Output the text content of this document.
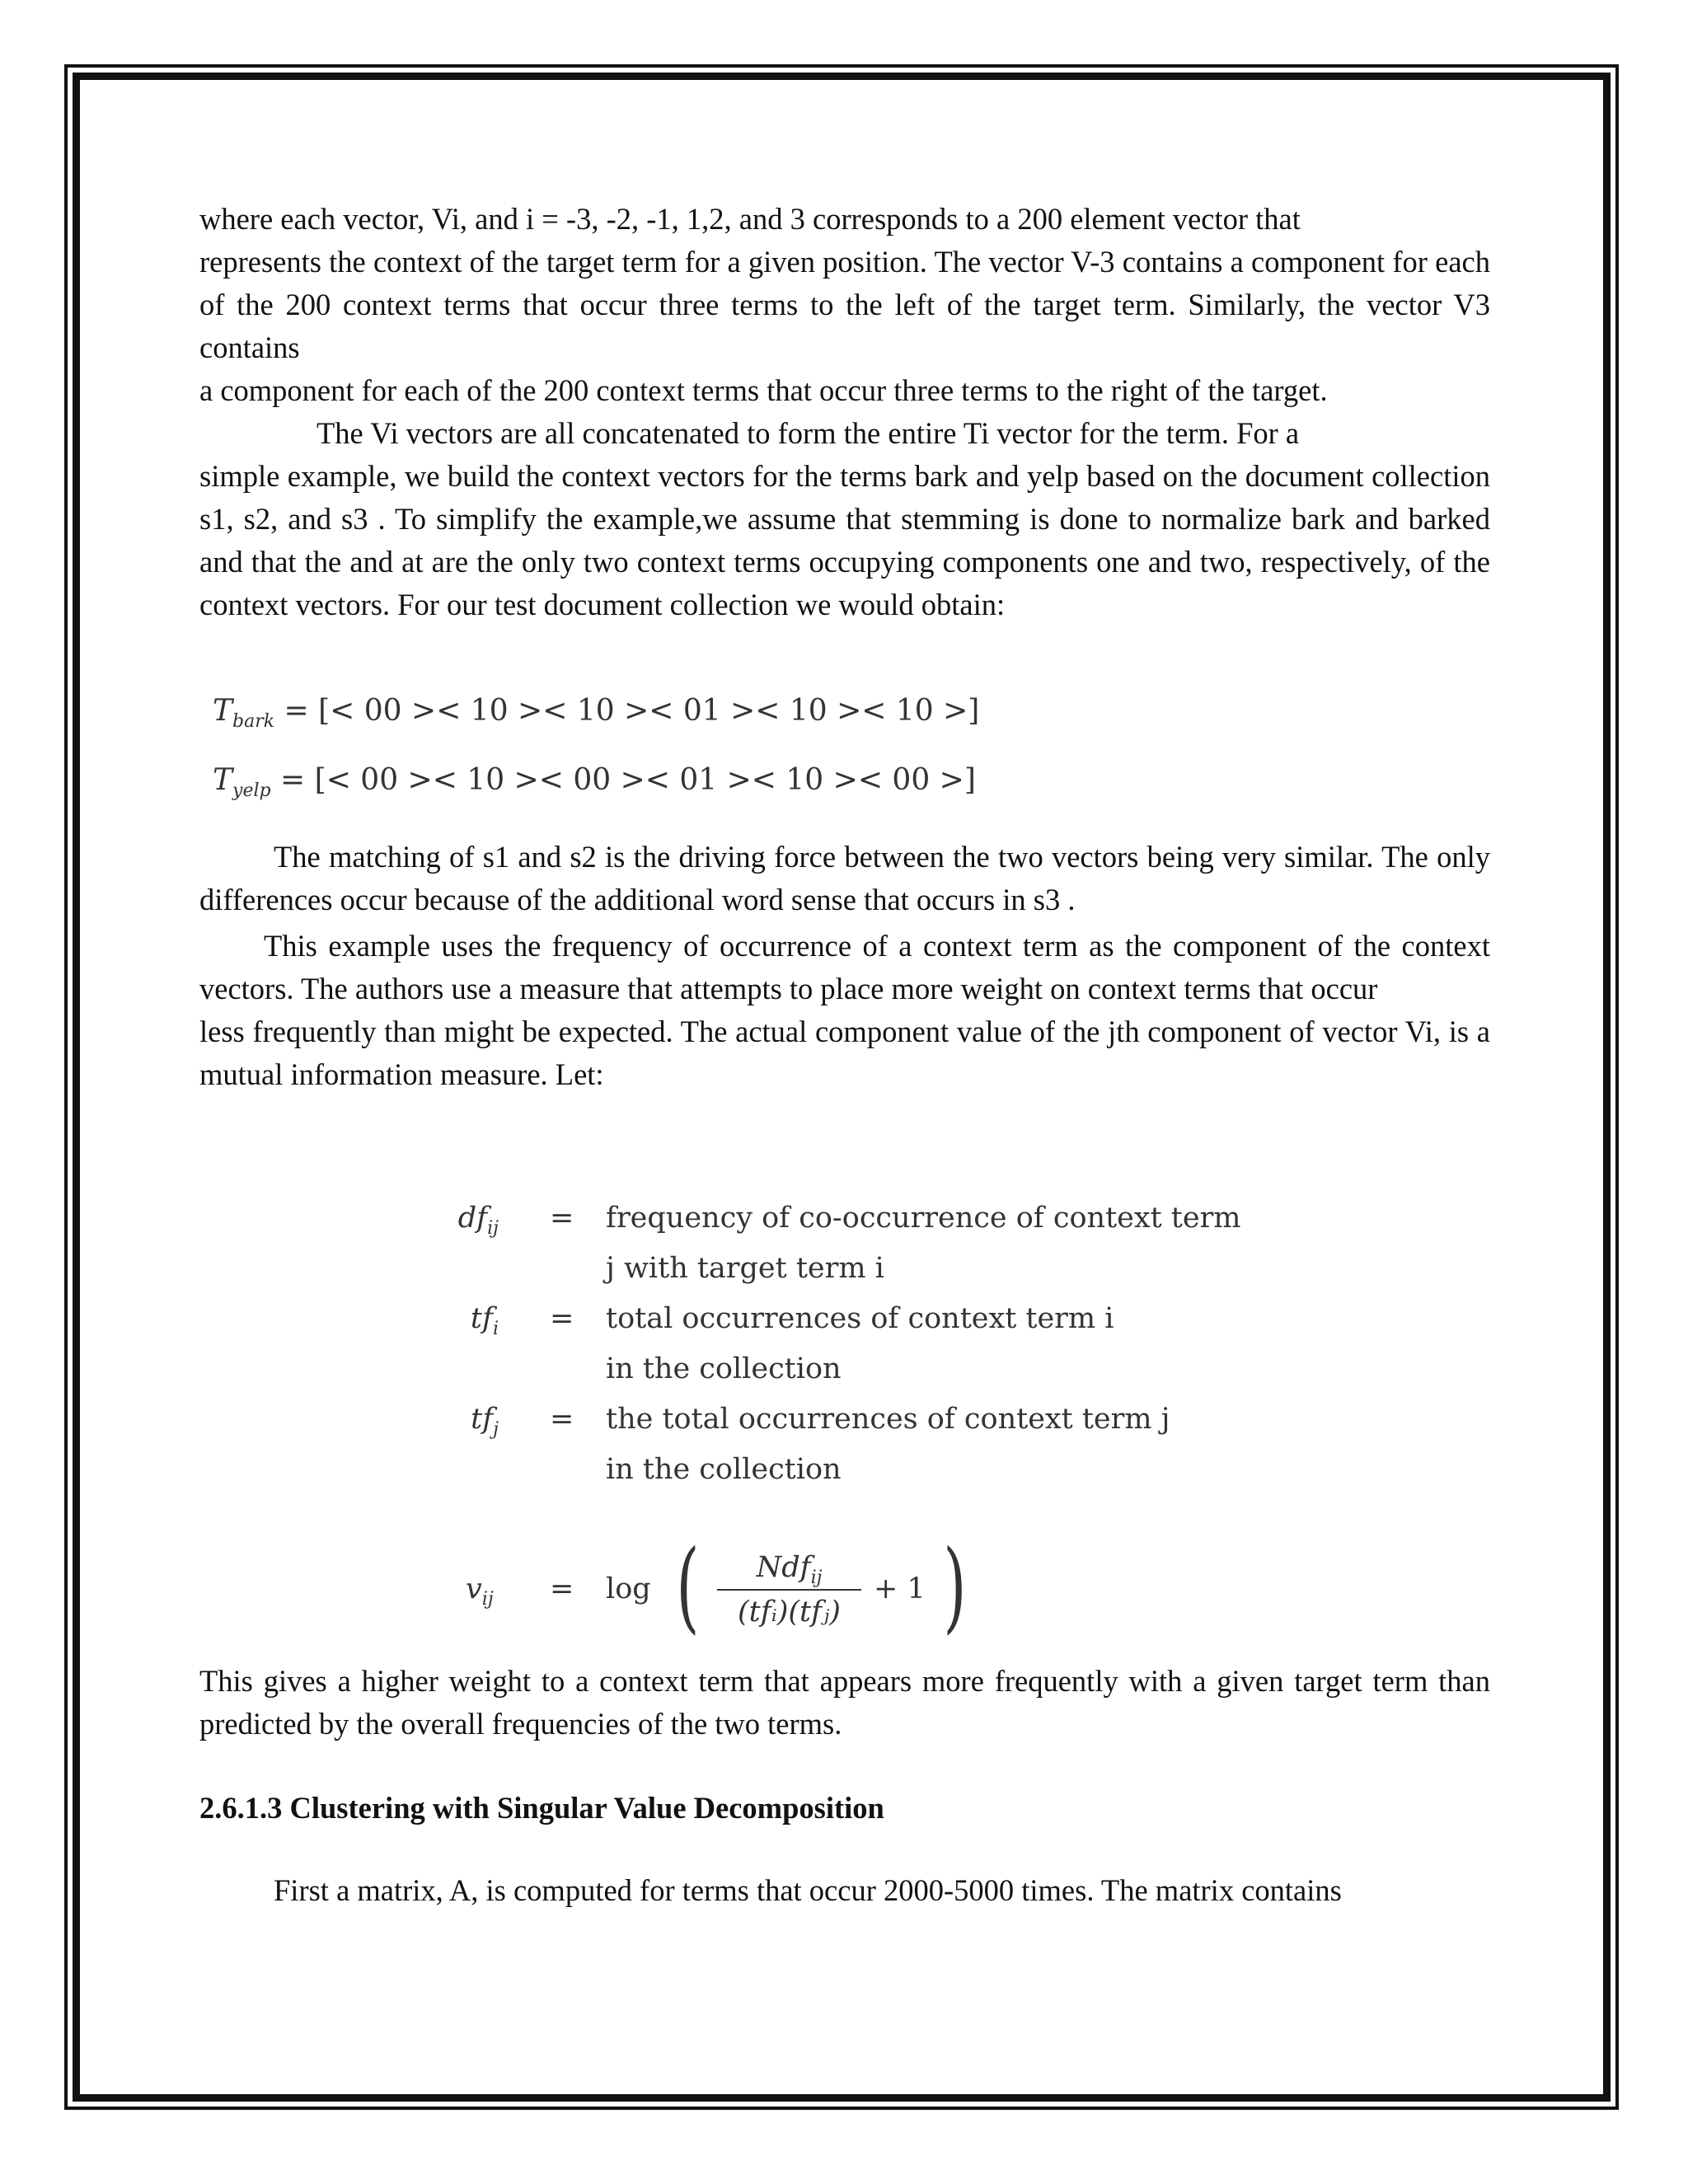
where each vector, Vi, and i = -3, -2, -1, 1,2, and 3 corresponds to a 200 element vector that

represents the context of the target term for a given position. The vector V-3 contains a component for each of the 200 context terms that occur three terms to the left of the target term. Similarly, the vector V3 contains

a component for each of the 200 context terms that occur three terms to the right of the target.

The Vi vectors are all concatenated to form the entire Ti vector for the term. For a

simple example, we build the context vectors for the terms bark and yelp based on the document collection s1, s2, and s3 . To simplify the example,we assume that stemming is done to normalize bark and barked and that the and at are the only two context terms occupying components one and two, respectively, of the context vectors. For our test document collection we would obtain:

$T_{bark}$ = [< 00 >< 10 >< 10 >< 01 >< 10 >< 10 >]
$T_{yelp}$ = [< 00 >< 10 >< 00 >< 01 >< 10 >< 00 >]

The matching of s1 and s2 is the driving force between the two vectors being very similar. The only differences occur because of the additional word sense that occurs in s3 .

This example uses the frequency of occurrence of a context term as the component of the context vectors. The authors use a measure that attempts to place more weight on context terms that occur

less frequently than might be expected. The actual component value of the jth component of vector Vi, is a mutual information measure. Let:

$df_{ij}$ = frequency of co-occurrence of context term
j with target term i
$tf_i$ = total occurrences of context term i
in the collection
$tf_j$ = the total occurrences of context term j
in the collection
$v_{ij} = \log$ (	Ndf$_{ij}$
(tfᵢ)(tfⱼ)
+ 1 )

This gives a higher weight to a context term that appears more frequently with a given target term than predicted by the overall frequencies of the two terms.

2.6.1.3 Clustering with Singular Value Decomposition

First a matrix, A, is computed for terms that occur 2000-5000 times. The matrix contains
